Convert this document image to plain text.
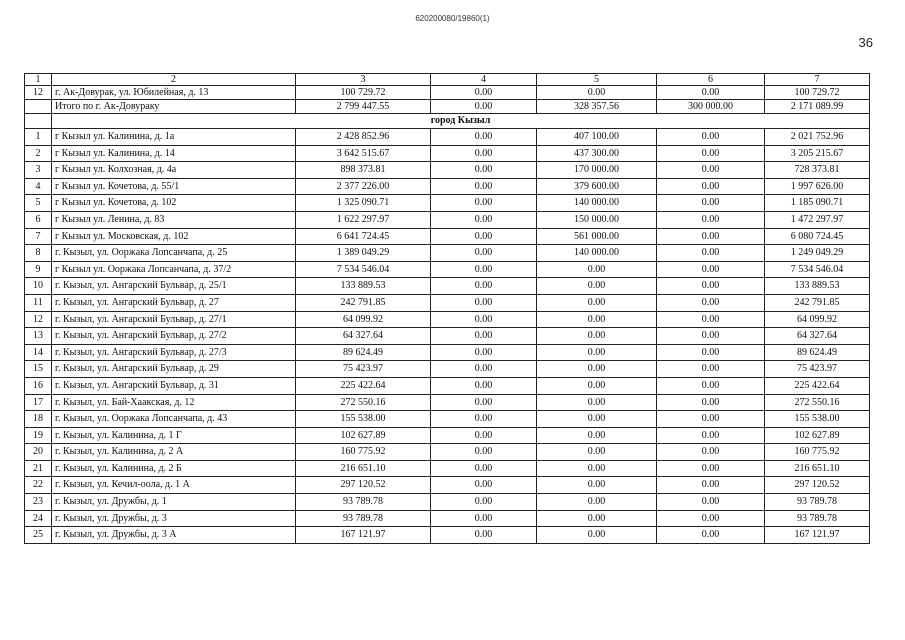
620200080/19860(1)
36
1	2	3	4	5	6	7
12	г. Ак-Довурак, ул. Юбилейная, д. 13	100 729.72	0.00	0.00	0.00	100 729.72
	Итого по г. Ак-Довураку	2 799 447.55	0.00	328 357.56	300 000.00	2 171 089.99
	город Кызыл					
1	г Кызыл ул. Калинина, д. 1а	2 428 852.96	0.00	407 100.00	0.00	2 021 752.96
2	г Кызыл ул. Калинина, д. 14	3 642 515.67	0.00	437 300.00	0.00	3 205 215.67
3	г Кызыл ул. Колхозная, д. 4а	898 373.81	0.00	170 000.00	0.00	728 373.81
4	г Кызыл ул. Кочетова, д. 55/1	2 377 226.00	0.00	379 600.00	0.00	1 997 626.00
5	г Кызыл ул. Кочетова, д. 102	1 325 090.71	0.00	140 000.00	0.00	1 185 090.71
6	г Кызыл ул. Ленина, д. 83	1 622 297.97	0.00	150 000.00	0.00	1 472 297.97
7	г Кызыл ул. Московская, д. 102	6 641 724.45	0.00	561 000.00	0.00	6 080 724.45
8	г. Кызыл, ул. Ооржака Лопсанчапа, д. 25	1 389 049.29	0.00	140 000.00	0.00	1 249 049.29
9	г Кызыл ул. Ооржака Лопсанчапа, д. 37/2	7 534 546.04	0.00	0.00	0.00	7 534 546.04
10	г. Кызыл, ул. Ангарский Бульвар, д. 25/1	133 889.53	0.00	0.00	0.00	133 889.53
11	г. Кызыл, ул. Ангарский Бульвар, д. 27	242 791.85	0.00	0.00	0.00	242 791.85
12	г. Кызыл, ул. Ангарский Бульвар, д. 27/1	64 099.92	0.00	0.00	0.00	64 099.92
13	г. Кызыл, ул. Ангарский Бульвар, д. 27/2	64 327.64	0.00	0.00	0.00	64 327.64
14	г. Кызыл, ул. Ангарский Бульвар, д. 27/3	89 624.49	0.00	0.00	0.00	89 624.49
15	г. Кызыл, ул. Ангарский Бульвар, д. 29	75 423.97	0.00	0.00	0.00	75 423.97
16	г. Кызыл, ул. Ангарский Бульвар, д. 31	225 422.64	0.00	0.00	0.00	225 422.64
17	г. Кызыл, ул. Бай-Хаакская, д. 12	272 550.16	0.00	0.00	0.00	272 550.16
18	г. Кызыл, ул. Ооржака Лопсанчапа, д. 43	155 538.00	0.00	0.00	0.00	155 538.00
19	г. Кызыл, ул. Калинина, д. 1 Г	102 627.89	0.00	0.00	0.00	102 627.89
20	г. Кызыл, ул. Калинина, д. 2 А	160 775.92	0.00	0.00	0.00	160 775.92
21	г. Кызыл, ул. Калинина, д. 2 Б	216 651.10	0.00	0.00	0.00	216 651.10
22	г. Кызыл, ул. Кечил-оола, д. 1 А	297 120.52	0.00	0.00	0.00	297 120.52
23	г. Кызыл, ул. Дружбы, д. 1	93 789.78	0.00	0.00	0.00	93 789.78
24	г. Кызыл, ул. Дружбы, д. 3	93 789.78	0.00	0.00	0.00	93 789.78
25	г. Кызыл, ул. Дружбы, д. 3 А	167 121.97	0.00	0.00	0.00	167 121.97
